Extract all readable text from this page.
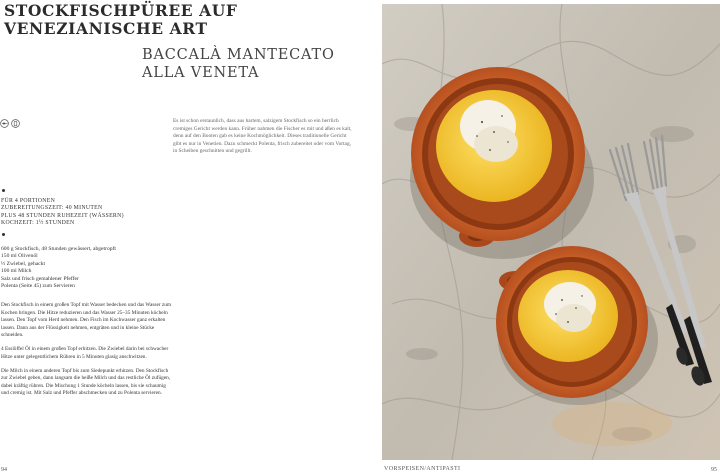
STOCKFISCHPÜREE AUF VENEZIANISCHE ART
BACCALÀ MANTECATO ALLA VENETA
Es ist schon erstaunlich, dass aus hartem, salzigem Stockfisch so ein herrlich cremiges Gericht werden kann. Früher nahmen die Fischer es mit und aßen es kalt, denn auf den Booten gab es keine Kochmöglichkeit. Dieses traditionelle Gericht gibt es nur in Venetien. Dazu schmeckt Polenta, frisch zubereitet oder vom Vortag, in Scheiben geschnitten und gegrillt.
FÜR 4 PORTIONEN
ZUBEREITUNGSZEIT: 40 MINUTEN
PLUS 48 STUNDEN RUHEZEIT (WÄSSERN)
KOCHZEIT: 1½ STUNDEN
600 g Stockfisch, 48 Stunden gewässert, abgetropft
150 ml Olivenöl
½ Zwiebel, gehackt
100 ml Milch
Salz und frisch gemahlener Pfeffer
Polenta (Seite 45) zum Servieren

Den Stockfisch in einem großen Topf mit Wasser bedecken und das Wasser zum Kochen bringen. Die Hitze reduzieren und das Wasser 25–35 Minuten köcheln lassen. Den Topf vom Herd nehmen. Den Fisch im Kochwasser ganz erkalten lassen. Dann aus der Flüssigkeit nehmen, entgräten und in kleine Stücke schneiden.

4 Esslöffel Öl in einem großen Topf erhitzen. Die Zwiebel darin bei schwacher Hitze unter gelegentlichem Rühren in 5 Minuten glasig anschwitzen.

Die Milch in einem anderen Topf bis zum Siedepunkt erhitzen. Den Stockfisch zur Zwiebel geben, dann langsam die heiße Milch und das restliche Öl zufügen, dabei kräftig rühren. Die Mischung 1 Stunde köcheln lassen, bis sie schaumig und cremig ist. Mit Salz und Pfeffer abschmecken und zu Polenta servieren.

94	VORSPEISEN/ANTIPASTI	95
